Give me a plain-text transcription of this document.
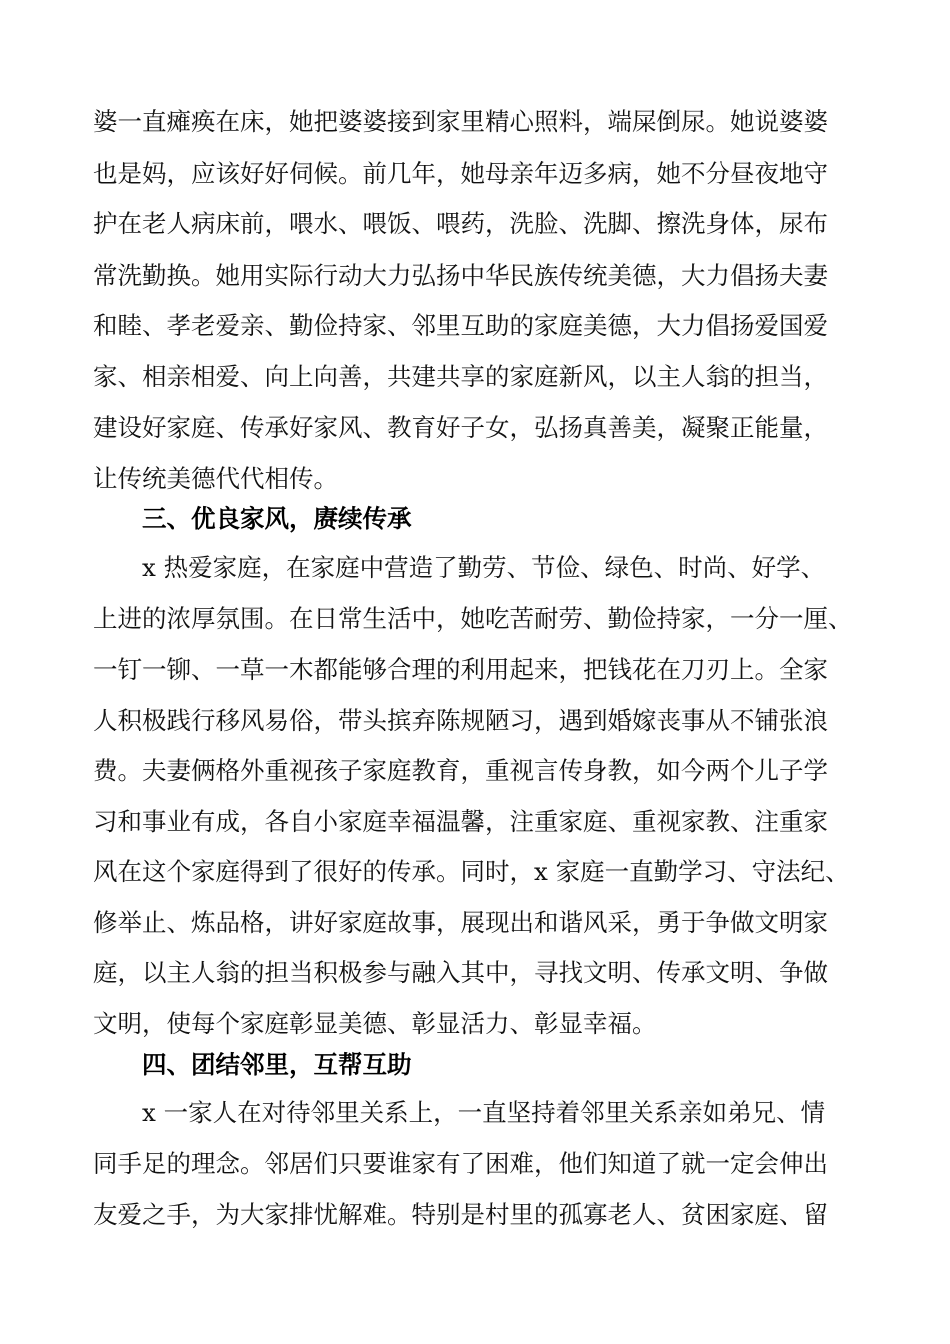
婆一直瘫痪在床，她把婆婆接到家里精心照料，端屎倒尿。她说婆婆
也是妈，应该好好伺候。前几年，她母亲年迈多病，她不分昼夜地守
护在老人病床前，喂水、喂饭、喂药，洗脸、洗脚、擦洗身体，尿布
常洗勤换。她用实际行动大力弘扬中华民族传统美德，大力倡扬夫妻
和睦、孝老爱亲、勤俭持家、邻里互助的家庭美德，大力倡扬爱国爱
家、相亲相爱、向上向善，共建共享的家庭新风，以主人翁的担当，
建设好家庭、传承好家风、教育好子女，弘扬真善美，凝聚正能量，
让传统美德代代相传。
三、优良家风，赓续传承
x 热爱家庭，在家庭中营造了勤劳、节俭、绿色、时尚、好学、
上进的浓厚氛围。在日常生活中，她吃苦耐劳、勤俭持家，一分一厘、
一钉一铆、一草一木都能够合理的利用起来，把钱花在刀刃上。全家
人积极践行移风易俗，带头摈弃陈规陋习，遇到婚嫁丧事从不铺张浪
费。夫妻俩格外重视孩子家庭教育，重视言传身教，如今两个儿子学
习和事业有成，各自小家庭幸福温馨，注重家庭、重视家教、注重家
风在这个家庭得到了很好的传承。同时，x 家庭一直勤学习、守法纪、
修举止、炼品格，讲好家庭故事，展现出和谐风采，勇于争做文明家
庭，以主人翁的担当积极参与融入其中，寻找文明、传承文明、争做
文明，使每个家庭彰显美德、彰显活力、彰显幸福。
四、团结邻里，互帮互助
x 一家人在对待邻里关系上，一直坚持着邻里关系亲如弟兄、情
同手足的理念。邻居们只要谁家有了困难，他们知道了就一定会伸出
友爱之手，为大家排忧解难。特别是村里的孤寡老人、贫困家庭、留
